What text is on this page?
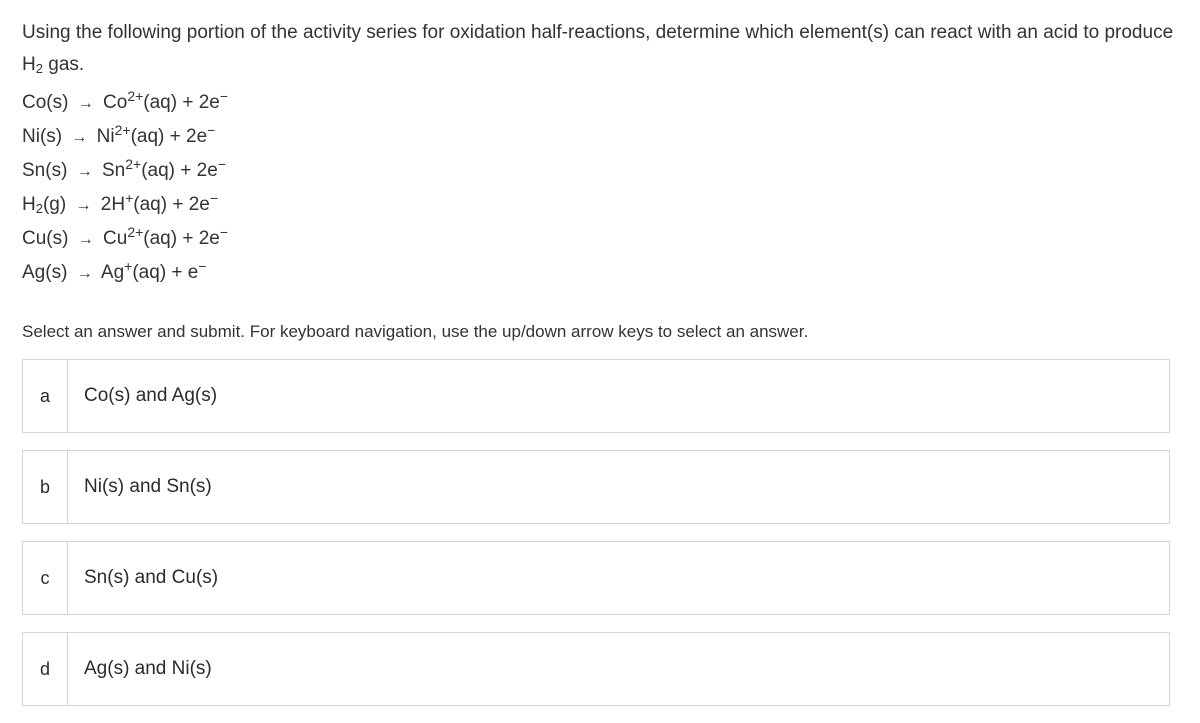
Using the following portion of the activity series for oxidation half-reactions, determine which element(s) can react with an acid to produce $H_2$ gas.
$Co(s) \to Co^{2+}(aq) + 2e^-$
$Ni(s) \to Ni^{2+}(aq) + 2e^-$
$Sn(s) \to Sn^{2+}(aq) + 2e^-$
$H_2(g) \to 2H^+(aq) + 2e^-$
$Cu(s) \to Cu^{2+}(aq) + 2e^-$
Ag(s) → Ag+(aq) + e−
Select an answer and submit. For keyboard navigation, use the up/down arrow keys to select an answer.
a	Co(s) and Ag(s)
b	Ni(s) and Sn(s)
c	Sn(s) and Cu(s)
d	Ag(s) and Ni(s)
